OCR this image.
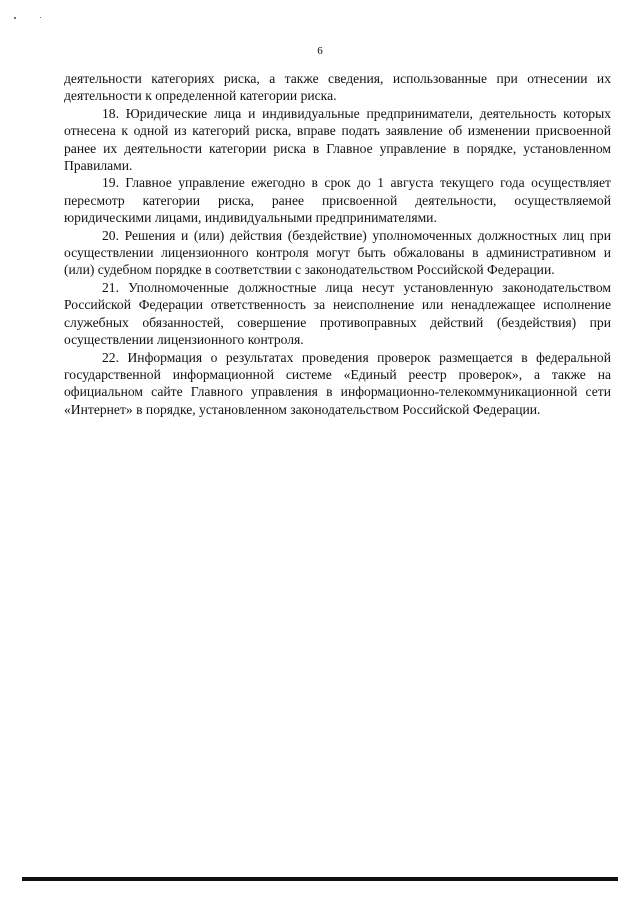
6

деятельности категориях риска, а также сведения, использованные при отнесении их деятельности к определенной категории риска.

18. Юридические лица и индивидуальные предприниматели, деятельность которых отнесена к одной из категорий риска, вправе подать заявление об изменении присвоенной ранее их деятельности категории риска в Главное управление в порядке, установленном Правилами.

19. Главное управление ежегодно в срок до 1 августа текущего года осуществляет пересмотр категории риска, ранее присвоенной деятельности, осуществляемой юридическими лицами, индивидуальными предпринимателями.

20. Решения и (или) действия (бездействие) уполномоченных должностных лиц при осуществлении лицензионного контроля могут быть обжалованы в административном и (или) судебном порядке в соответствии с законодательством Российской Федерации.

21. Уполномоченные должностные лица несут установленную законодательством Российской Федерации ответственность за неисполнение или ненадлежащее исполнение служебных обязанностей, совершение противоправных действий (бездействия) при осуществлении лицензионного контроля.

22. Информация о результатах проведения проверок размещается в федеральной государственной информационной системе «Единый реестр проверок», а также на официальном сайте Главного управления в информационно-телекоммуникационной сети «Интернет» в порядке, установленном законодательством Российской Федерации.
